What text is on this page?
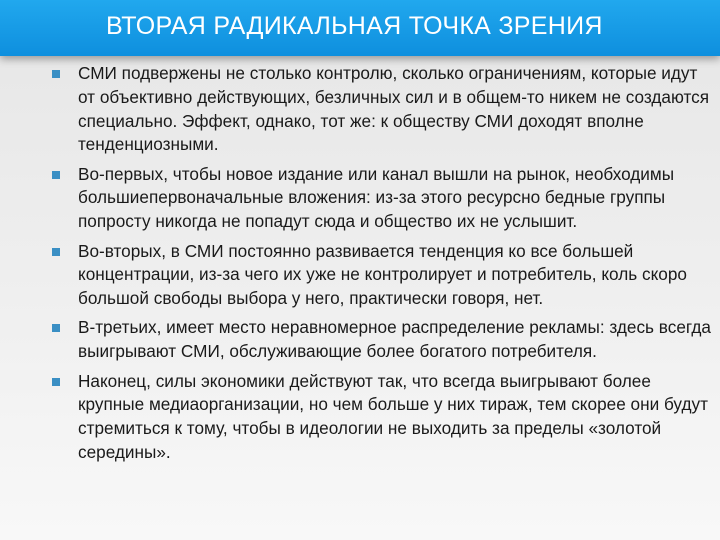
ВТОРАЯ РАДИКАЛЬНАЯ ТОЧКА ЗРЕНИЯ
СМИ подвержены не столько контролю, сколько ограничениям, которые идут от объективно действующих, безличных сил и в общем-то никем не создаются специально. Эффект, однако, тот же: к обществу СМИ доходят вполне тенденциозными.
Во-первых, чтобы новое издание или канал вышли на рынок, необходимы большиепервоначальные вложения: из-за этого ресурсно бедные группы попросту никогда не попадут сюда и общество их не услышит.
Во-вторых, в СМИ постоянно развивается тенденция ко все большей концентрации, из-за чего их уже не контролирует и потребитель, коль скоро большой свободы выбора у него, практически говоря, нет.
В-третьих, имеет место неравномерное распределение рекламы: здесь всегда выигрывают СМИ, обслуживающие более богатого потребителя.
Наконец, силы экономики действуют так, что всегда выигрывают более крупные медиаорганизации, но чем больше у них тираж, тем скорее они будут стремиться к тому, чтобы в идеологии не выходить за пределы «золотой середины».
